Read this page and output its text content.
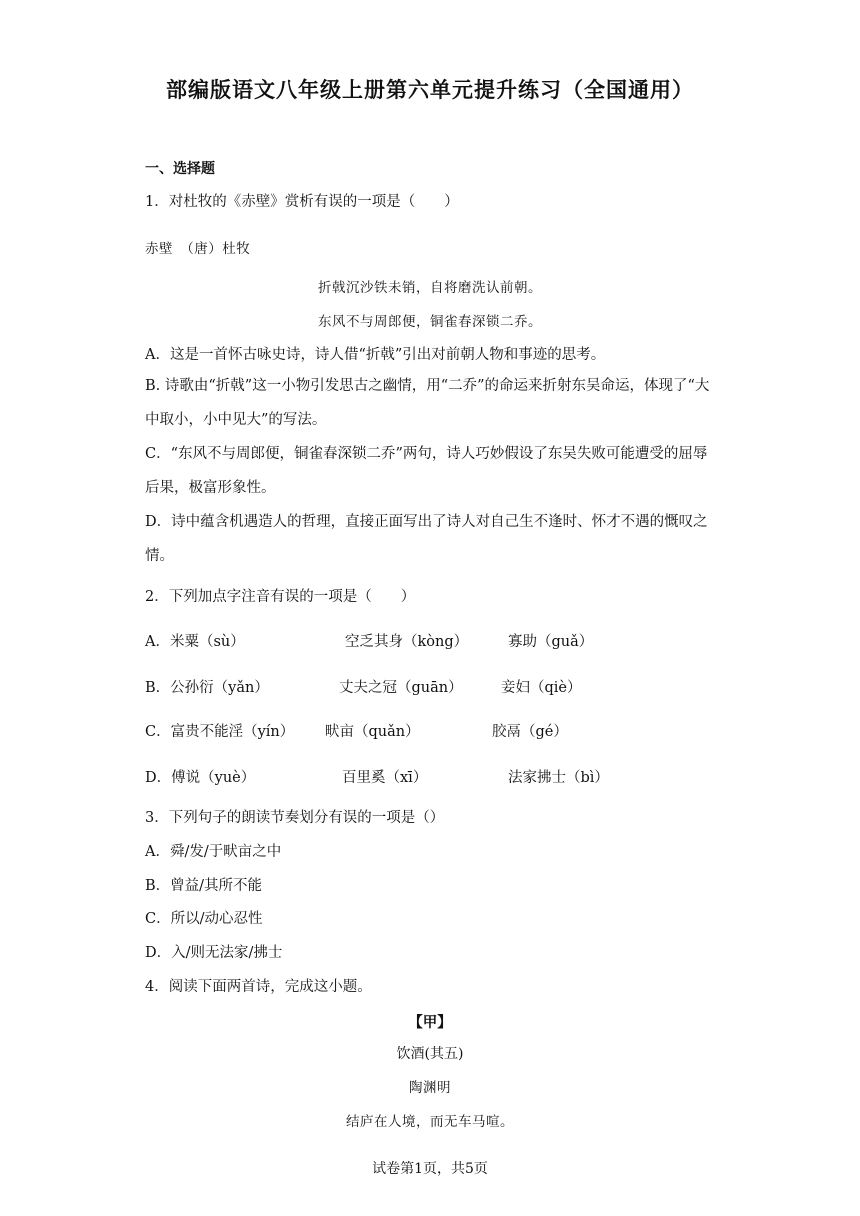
部编版语文八年级上册第六单元提升练习（全国通用）
一、选择题
1．对杜牧的《赤壁》赏析有误的一项是（　　）
赤壁　（唐）杜牧
折戟沉沙铁未销，自将磨洗认前朝。
东风不与周郎便，铜雀春深锁二乔。
A．这是一首怀古咏史诗，诗人借“折戟”引出对前朝人物和事迹的思考。
B. 诗歌由“折戟”这一小物引发思古之幽情，用“二乔”的命运来折射东吴命运，体现了“大中取小，小中见大”的写法。
C．“东风不与周郎便，铜雀春深锁二乔”两句，诗人巧妙假设了东吴失败可能遭受的屈辱后果，极富形象性。
D．诗中蕴含机遇造人的哲理，直接正面写出了诗人对自己生不逢时、怀才不遇的慨叹之情。
2．下列加点字注音有误的一项是（　　）
A．米粟（sù）	空乏其身（kòng）	寡助（guǎ）
B．公孙衍（yǎn）	丈夫之冠（guān）	妾妇（qiè）
C．富贵不能淫（yín） 畎亩（quǎn）	胶鬲（gé）
D．傅说（yuè）	百里奚（xī）	法家拂士（bì）
3．下列句子的朗读节奏划分有误的一项是（）
A．舜/发/于畎亩之中
B．曾益/其所不能
C．所以/动心忍性
D．入/则无法家/拂士
4．阅读下面两首诗，完成这小题。
【甲】
饮酒(其五)
陶渊明
结庐在人境，而无车马喧。
试卷第1页，共5页
